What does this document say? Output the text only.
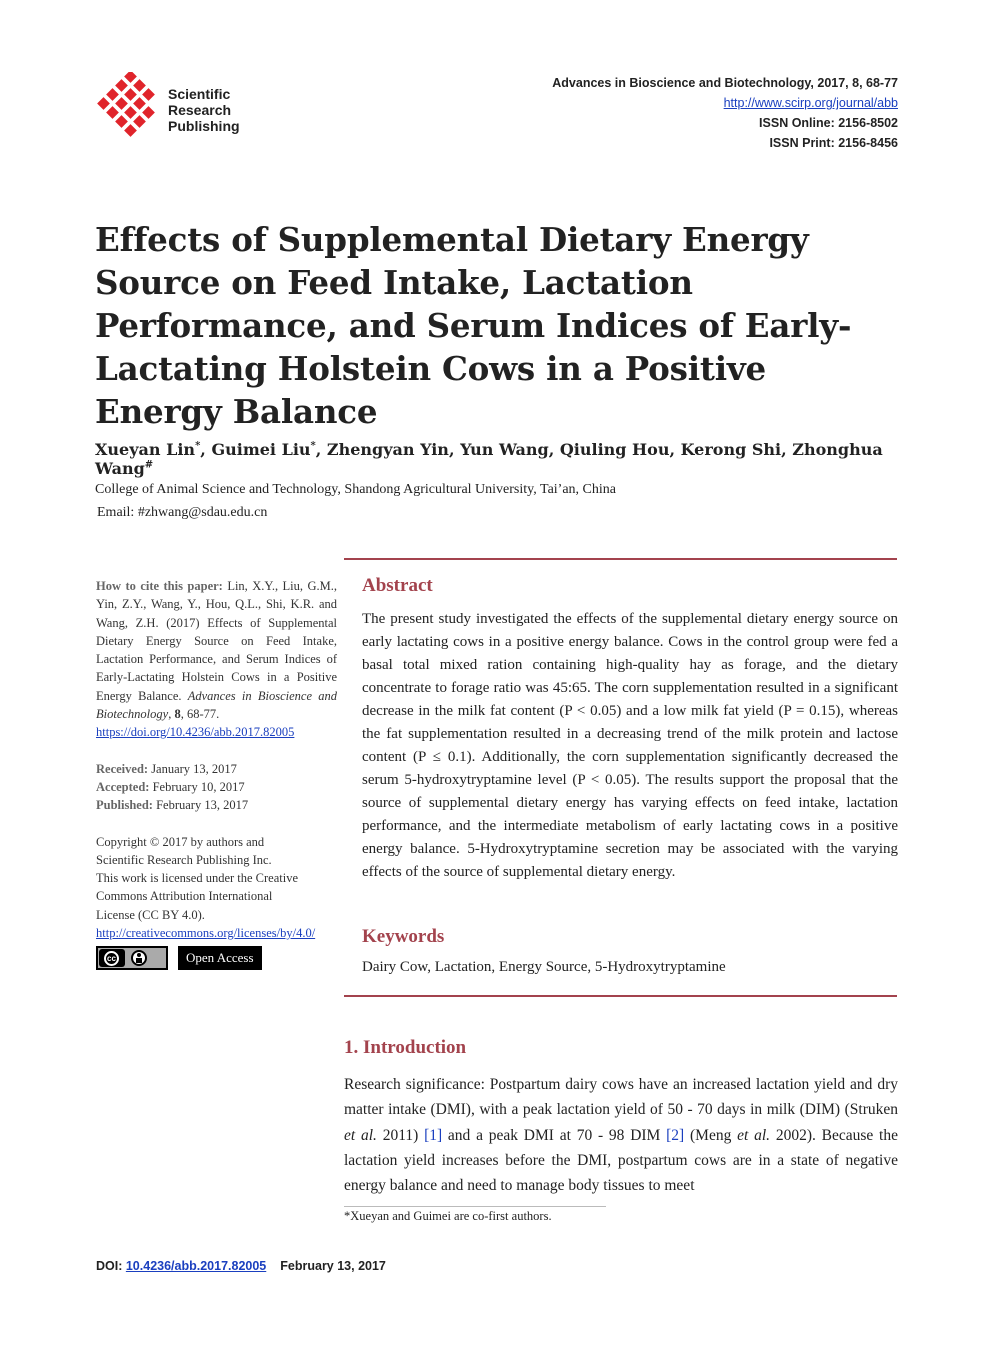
Scientific
Research
Publishing
Advances in Bioscience and Biotechnology, 2017, 8, 68-77
http://www.scirp.org/journal/abb
ISSN Online: 2156-8502
ISSN Print: 2156-8456
Effects of Supplemental Dietary Energy Source on Feed Intake, Lactation Performance, and Serum Indices of Early-Lactating Holstein Cows in a Positive Energy Balance
Xueyan Lin*, Guimei Liu*, Zhengyan Yin, Yun Wang, Qiuling Hou, Kerong Shi, Zhonghua Wang#
College of Animal Science and Technology, Shandong Agricultural University, Tai’an, China
Email: #zhwang@sdau.edu.cn

How to cite this paper: Lin, X.Y., Liu, G.M., Yin, Z.Y., Wang, Y., Hou, Q.L., Shi, K.R. and Wang, Z.H. (2017) Effects of Supplemental Dietary Energy Source on Feed Intake, Lactation Performance, and Serum Indices of Early-Lactating Holstein Cows in a Positive Energy Balance. Advances in Bioscience and Biotechnology, 8, 68-77.
https://doi.org/10.4236/abb.2017.82005

Received: January 13, 2017
Accepted: February 10, 2017
Published: February 13, 2017

Copyright © 2017 by authors and
Scientific Research Publishing Inc.
This work is licensed under the Creative
Commons Attribution International
License (CC BY 4.0).
http://creativecommons.org/licenses/by/4.0/

cc	Open Access
Abstract

The present study investigated the effects of the supplemental dietary energy source on early lactating cows in a positive energy balance. Cows in the control group were fed a basal total mixed ration containing high-quality hay as forage, and the dietary concentrate to forage ratio was 45:65. The corn supplementation resulted in a significant decrease in the milk fat content (P < 0.05) and a low milk fat yield (P = 0.15), whereas the fat supplementation resulted in a decreasing trend of the milk protein and lactose content (P ≤ 0.1). Additionally, the corn supplementation significantly decreased the serum 5-hydroxytryptamine level (P < 0.05). The results support the proposal that the source of supplemental dietary energy has varying effects on feed intake, lactation performance, and the intermediate metabolism of early lactating cows in a positive energy balance. 5-Hydroxytryptamine secretion may be associated with the varying effects of the source of supplemental dietary energy.

Keywords
Dairy Cow, Lactation, Energy Source, 5-Hydroxytryptamine
1. Introduction

Research significance: Postpartum dairy cows have an increased lactation yield and dry matter intake (DMI), with a peak lactation yield of 50 - 70 days in milk (DIM) (Struken et al. 2011) [1] and a peak DMI at 70 - 98 DIM [2] (Meng et al. 2002). Because the lactation yield increases before the DMI, postpartum cows are in a state of negative energy balance and need to manage body tissues to meet

*Xueyan and Guimei are co-first authors.
DOI: 10.4236/abb.2017.82005 February 13, 2017
